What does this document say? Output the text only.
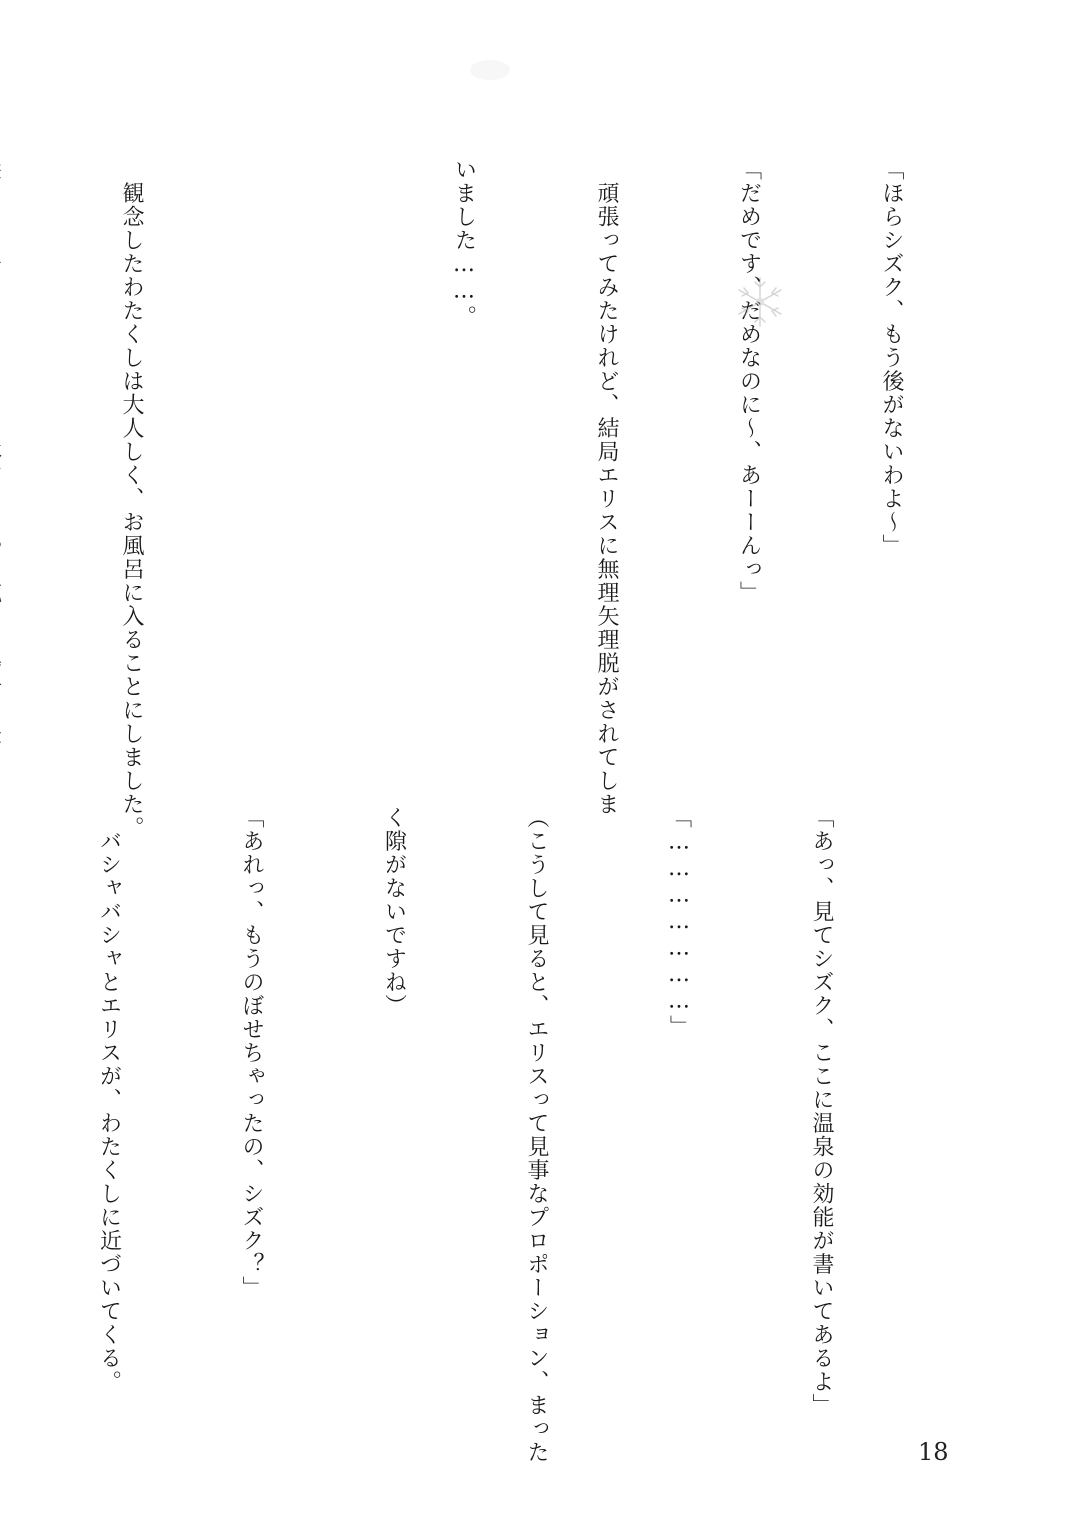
「ほらシズク、もう後がないわよ〜」

「だめです、だめなのに〜、あーーんっ」

　頑張ってみたけれど、結局エリスに無理矢理脱がされてしま

いました……。

　観念したわたくしは大人しく、お風呂に入ることにしました。

「あっ、見てシズク、ここに温泉の効能が書いてあるよ」

「…………………」

（こうして見ると、エリスって見事なプロポーション、まった

く隙がないですね）

「あれっ、もうのぼせちゃったの、シズク？」

　バシャバシャとエリスが、わたくしに近づいてくる。

18
